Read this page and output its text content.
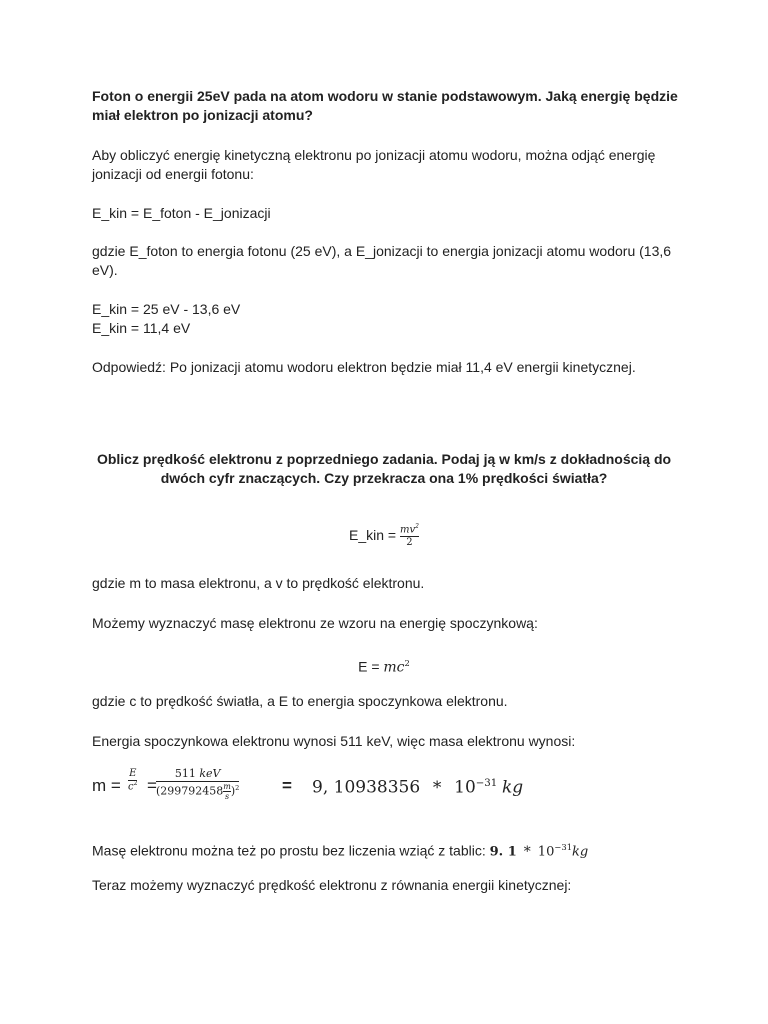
Foton o energii 25eV pada na atom wodoru w stanie podstawowym. Jaką energię będzie miał elektron po jonizacji atomu?

Aby obliczyć energię kinetyczną elektronu po jonizacji atomu wodoru, można odjąć energię jonizacji od energii fotonu:

E_kin = E_foton - E_jonizacji

gdzie E_foton to energia fotonu (25 eV), a E_jonizacji to energia jonizacji atomu wodoru (13,6 eV).

E_kin = 25 eV - 13,6 eV

E_kin = 11,4 eV

Odpowiedź: Po jonizacji atomu wodoru elektron będzie miał 11,4 eV energii kinetycznej.

Oblicz prędkość elektronu z poprzedniego zadania. Podaj ją w km/s z dokładnością do dwóch cyfr znaczących. Czy przekracza ona 1% prędkości światła?

E_kin = $\frac{mv^2}{2}$

gdzie m to masa elektronu, a v to prędkość elektronu.

Możemy wyznaczyć masę elektronu ze wzoru na energię spoczynkową:

$E = mc^2$

gdzie c to prędkość światła, a E to energia spoczynkowa elektronu.

Energia spoczynkowa elektronu wynosi 511 keV, więc masa elektronu wynosi:

$m = \frac{E}{c^2}$ =
511 keV
$(299792458 \frac{m}{s} )^2$	= 9, $10938356 * 10^{-31}$ kg

Masę elektronu można też po prostu bez liczenia wziąć z tablic: 9. $1 * 10^{-31}kg$

Teraz możemy wyznaczyć prędkość elektronu z równania energii kinetycznej:
